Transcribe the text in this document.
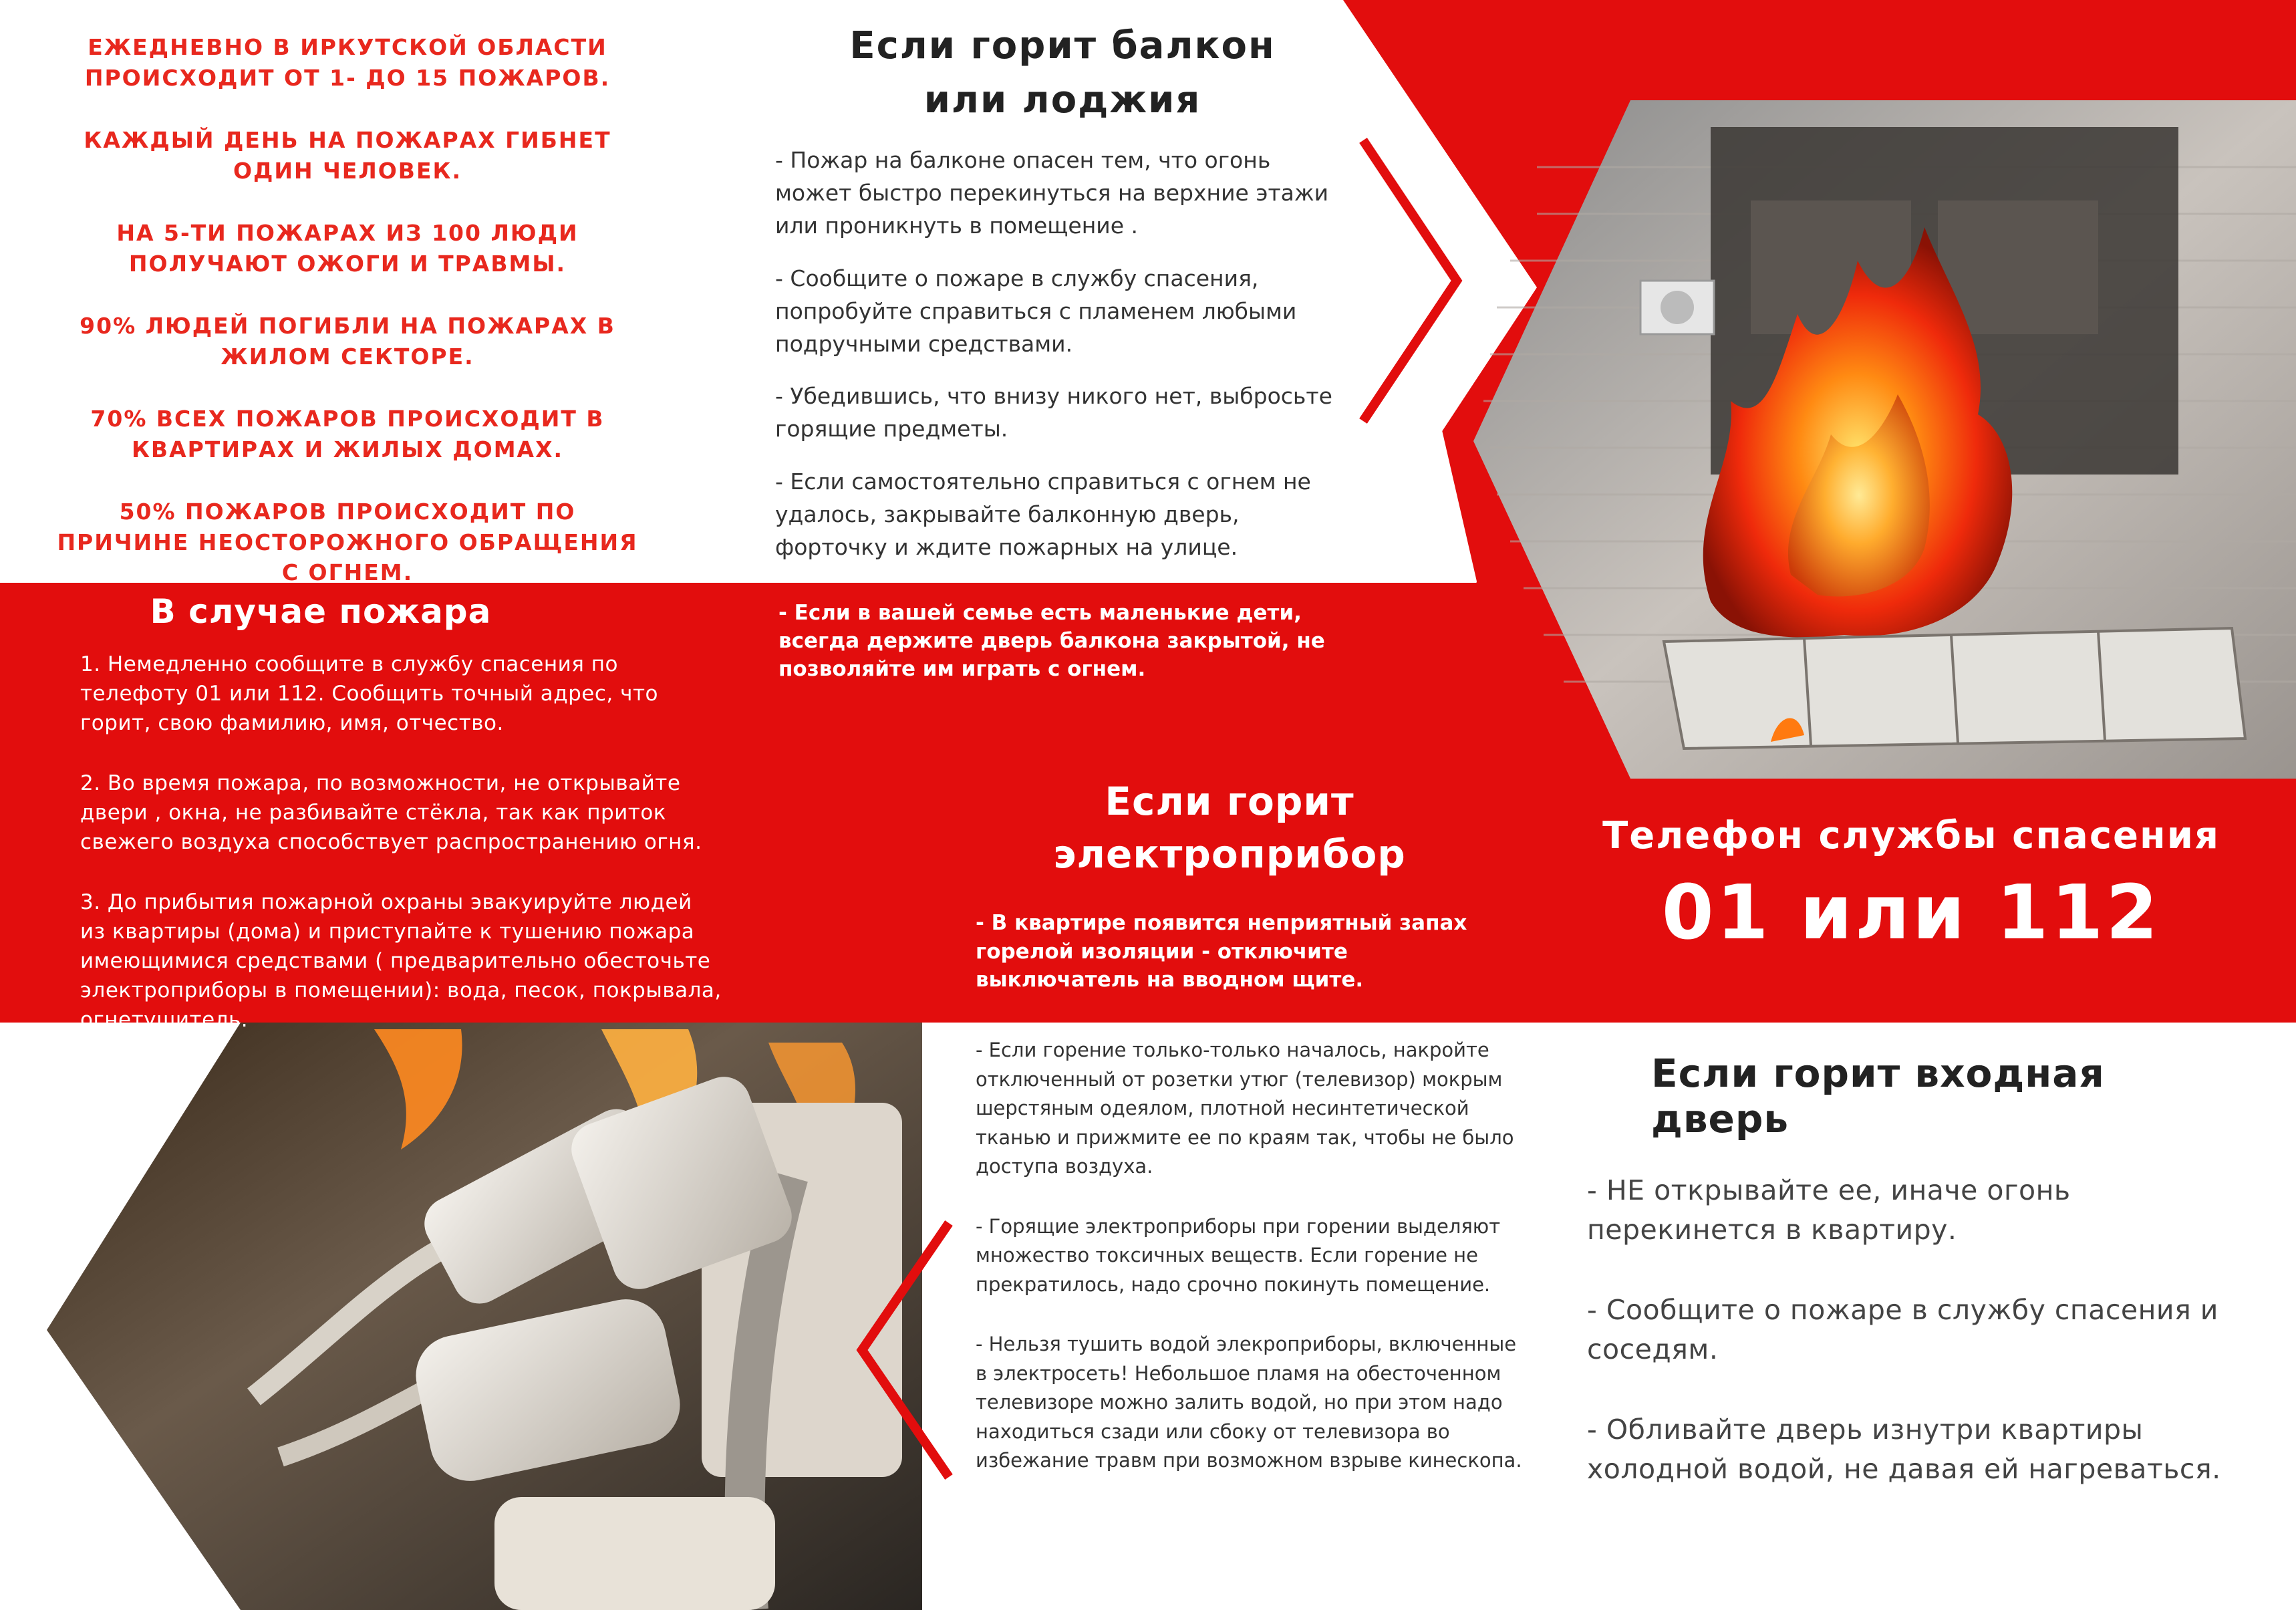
ЕЖЕДНЕВНО В ИРКУТСКОЙ ОБЛАСТИ ПРОИСХОДИТ ОТ 1- ДО 15 ПОЖАРОВ.

КАЖДЫЙ ДЕНЬ НА ПОЖАРАХ ГИБНЕТ ОДИН ЧЕЛОВЕК.

НА 5-ТИ ПОЖАРАХ ИЗ 100 ЛЮДИ ПОЛУЧАЮТ ОЖОГИ И ТРАВМЫ.

90% ЛЮДЕЙ ПОГИБЛИ НА ПОЖАРАХ В ЖИЛОМ СЕКТОРЕ.

70% ВСЕХ ПОЖАРОВ ПРОИСХОДИТ В КВАРТИРАХ И ЖИЛЫХ ДОМАХ.

50% ПОЖАРОВ ПРОИСХОДИТ ПО ПРИЧИНЕ НЕОСТОРОЖНОГО ОБРАЩЕНИЯ С ОГНЕМ.

Если горит балкон или лоджия

- Пожар на балконе опасен тем, что огонь может быстро перекинуться на верхние этажи или проникнуть в помещение .

- Сообщите о пожаре в службу спасения, попробуйте справиться с пламенем любыми подручными средствами.

- Убедившись, что внизу никого нет, выбросьте горящие предметы.

- Если самостоятельно справиться с огнем не удалось, закрывайте балконную дверь, форточку и ждите пожарных на улице.

- Если в вашей семье есть маленькие дети, всегда держите дверь балкона закрытой, не позволяйте им играть с огнем.

В случае пожара

1. Немедленно сообщите в службу спасения по телефоту 01 или 112. Сообщить точный адрес, что горит, свою фамилию, имя, отчество.

2. Во время пожара, по возможности, не открывайте двери , окна, не разбивайте стёкла, так как приток свежего воздуха способствует распространению огня.

3. До прибытия пожарной охраны эвакуируйте людей из квартиры (дома) и приступайте к тушению пожара имеющимися средствами ( предварительно обесточьте электроприборы в помещении): вода, песок, покрывала, огнетушитель.

Если горит электроприбор

- В квартире появится неприятный запах горелой изоляции - отключите выключатель на вводном щите.

- Если горение только-только началось, накройте отключенный от розетки утюг (телевизор) мокрым шерстяным одеялом, плотной несинтетической тканью и прижмите ее по краям так, чтобы не было доступа воздуха.

- Горящие электроприборы при горении выделяют множество токсичных веществ. Если горение не прекратилось, надо срочно покинуть помещение.

- Нельзя тушить водой элекроприборы, включенные в электросеть! Небольшое пламя на обесточенном телевизоре можно залить водой, но при этом надо находиться сзади или сбоку от телевизора во избежание травм при возможном взрыве кинескопа.

Телефон службы спасения

01 или 112

Если горит входная дверь

- НЕ открывайте ее, иначе огонь перекинется в квартиру.

- Сообщите о пожаре в службу спасения и соседям.

- Обливайте дверь изнутри квартиры холодной водой, не давая ей нагреваться.
